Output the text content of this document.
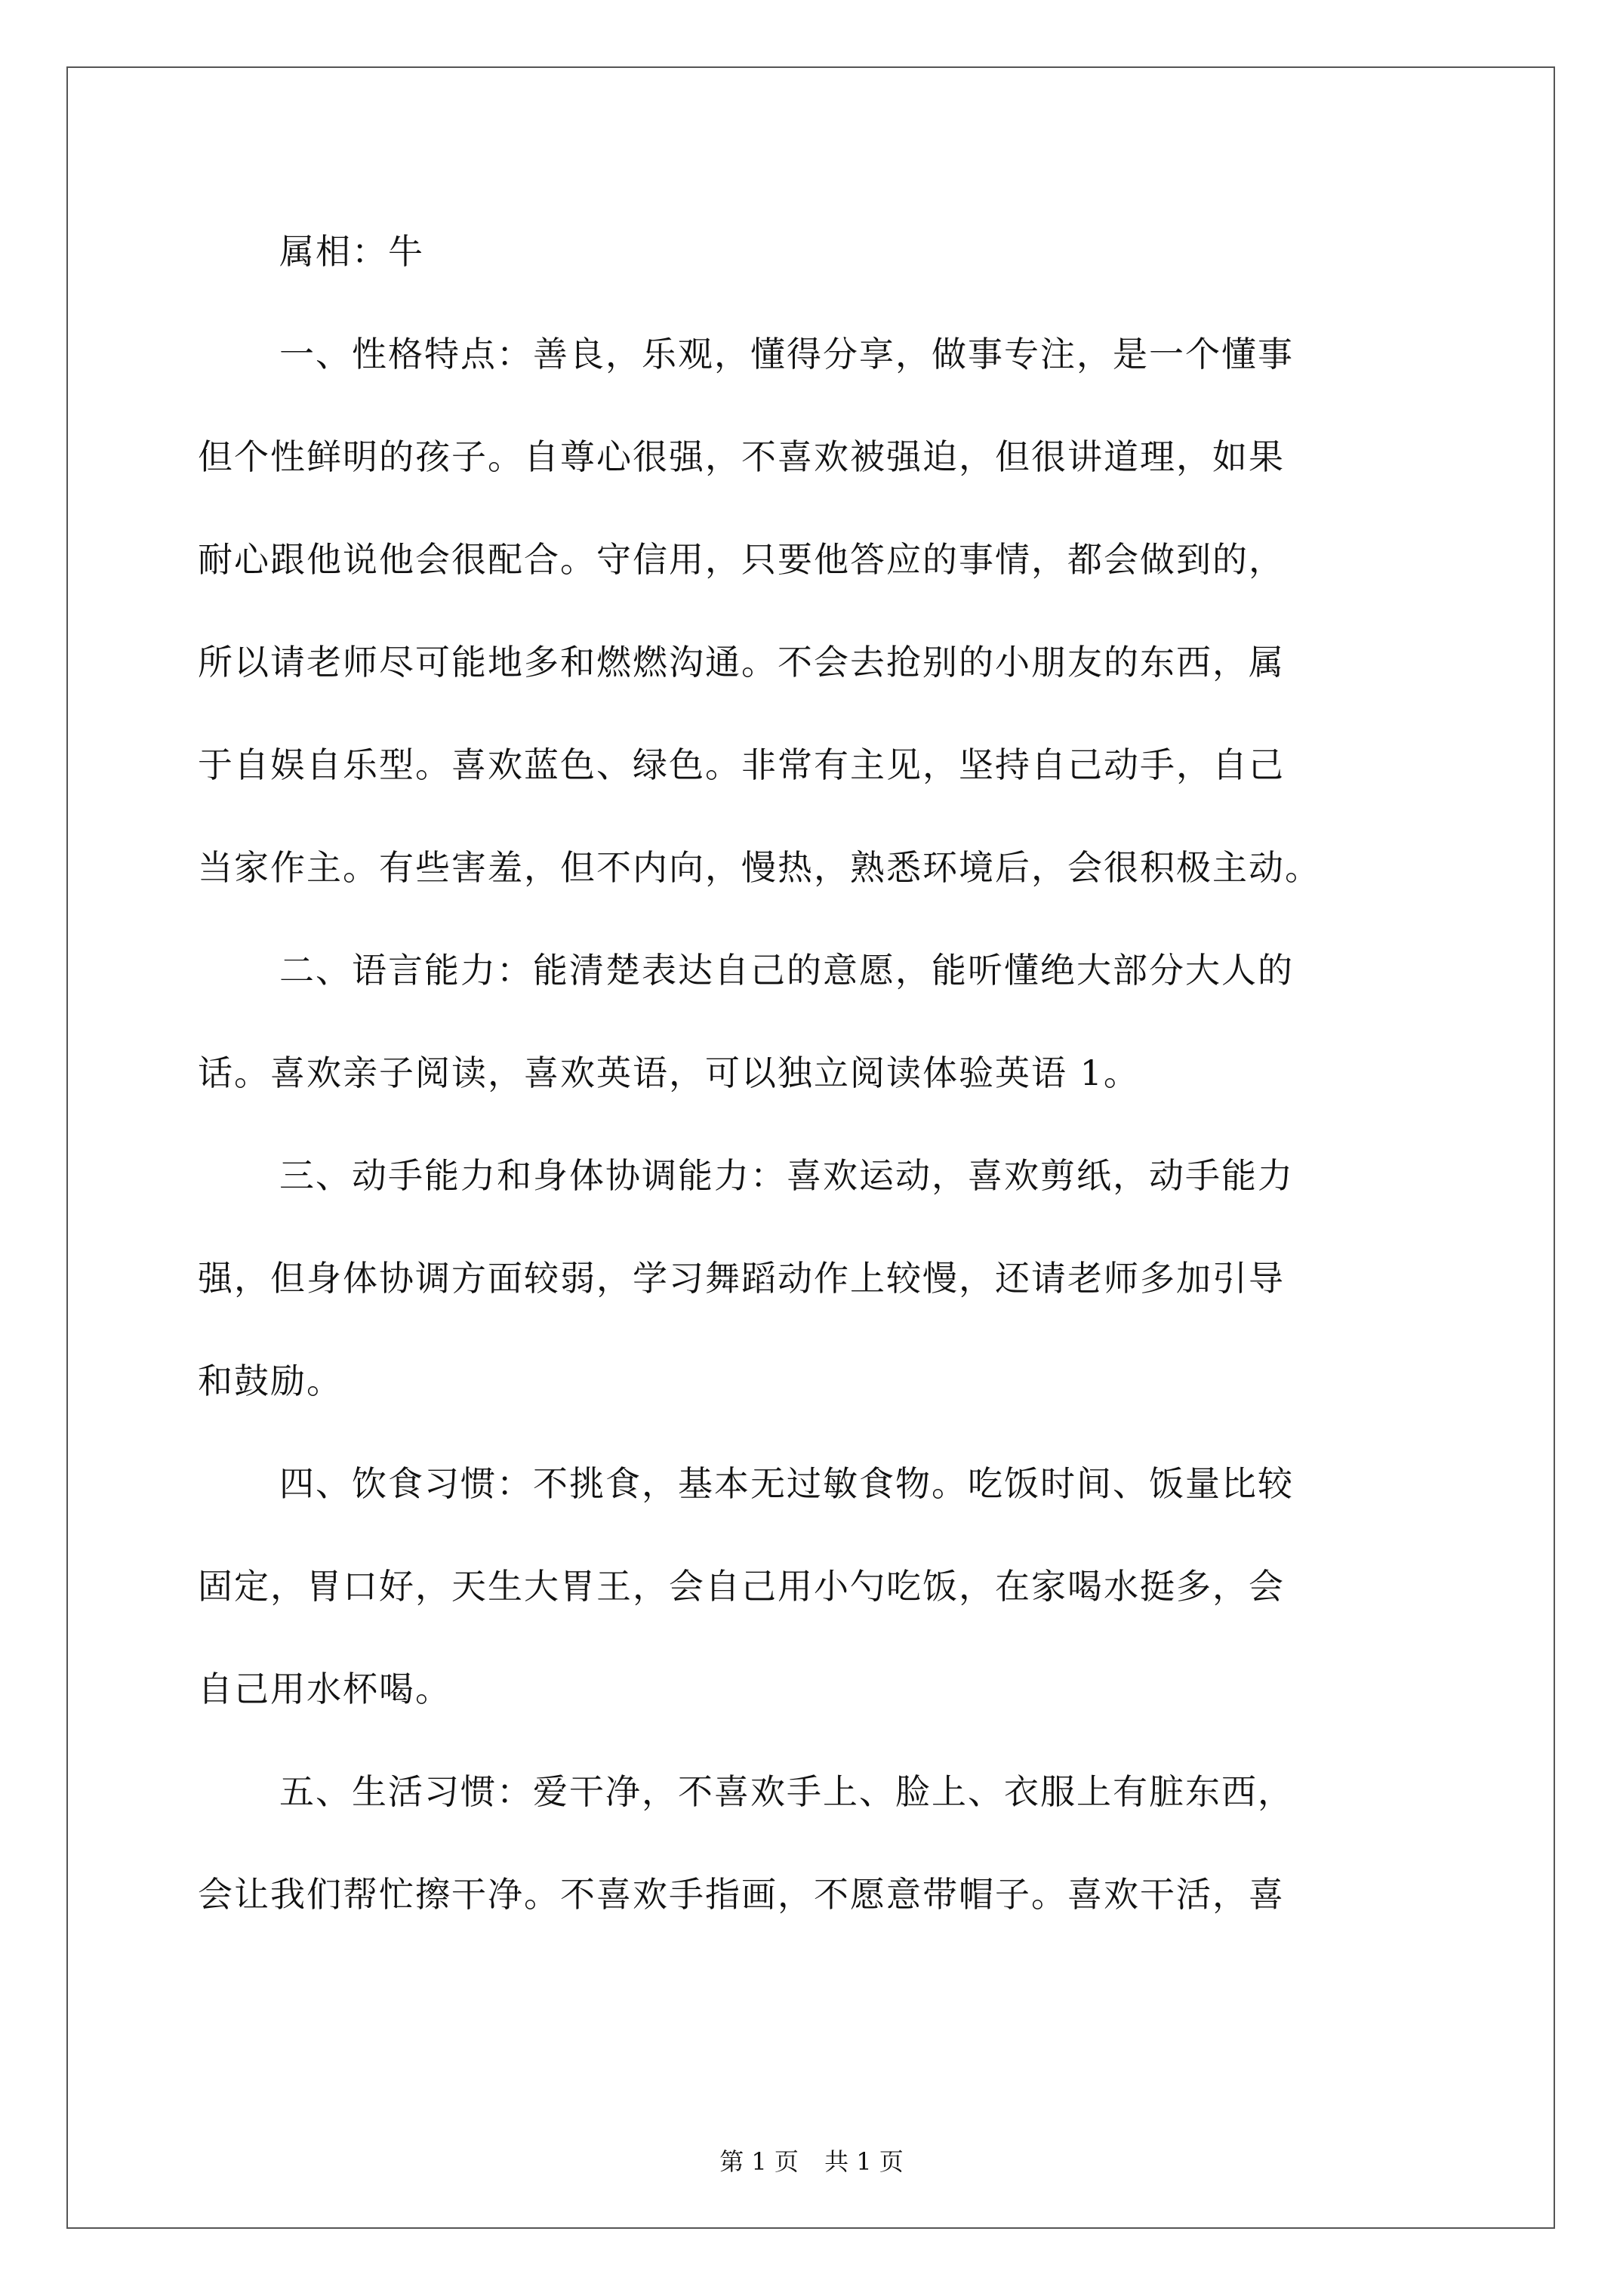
属相：牛
一、性格特点：善良，乐观，懂得分享，做事专注，是一个懂事
但个性鲜明的孩子。自尊心很强，不喜欢被强迫，但很讲道理，如果
耐心跟他说他会很配合。守信用，只要他答应的事情，都会做到的，
所以请老师尽可能地多和燃燃沟通。不会去抢别的小朋友的东西，属
于自娱自乐型。喜欢蓝色、绿色。非常有主见，坚持自己动手，自己
当家作主。有些害羞，但不内向，慢热，熟悉环境后，会很积极主动。
二、语言能力：能清楚表达自己的意愿，能听懂绝大部分大人的
话。喜欢亲子阅读，喜欢英语，可以独立阅读体验英语 1。
三、动手能力和身体协调能力：喜欢运动，喜欢剪纸，动手能力
强，但身体协调方面较弱，学习舞蹈动作上较慢，还请老师多加引导
和鼓励。
四、饮食习惯：不挑食，基本无过敏食物。吃饭时间、饭量比较
固定，胃口好，天生大胃王，会自己用小勺吃饭，在家喝水挺多，会
自己用水杯喝。
五、生活习惯：爱干净，不喜欢手上、脸上、衣服上有脏东西，
会让我们帮忙擦干净。不喜欢手指画，不愿意带帽子。喜欢干活，喜
第 1 页 共 1 页
